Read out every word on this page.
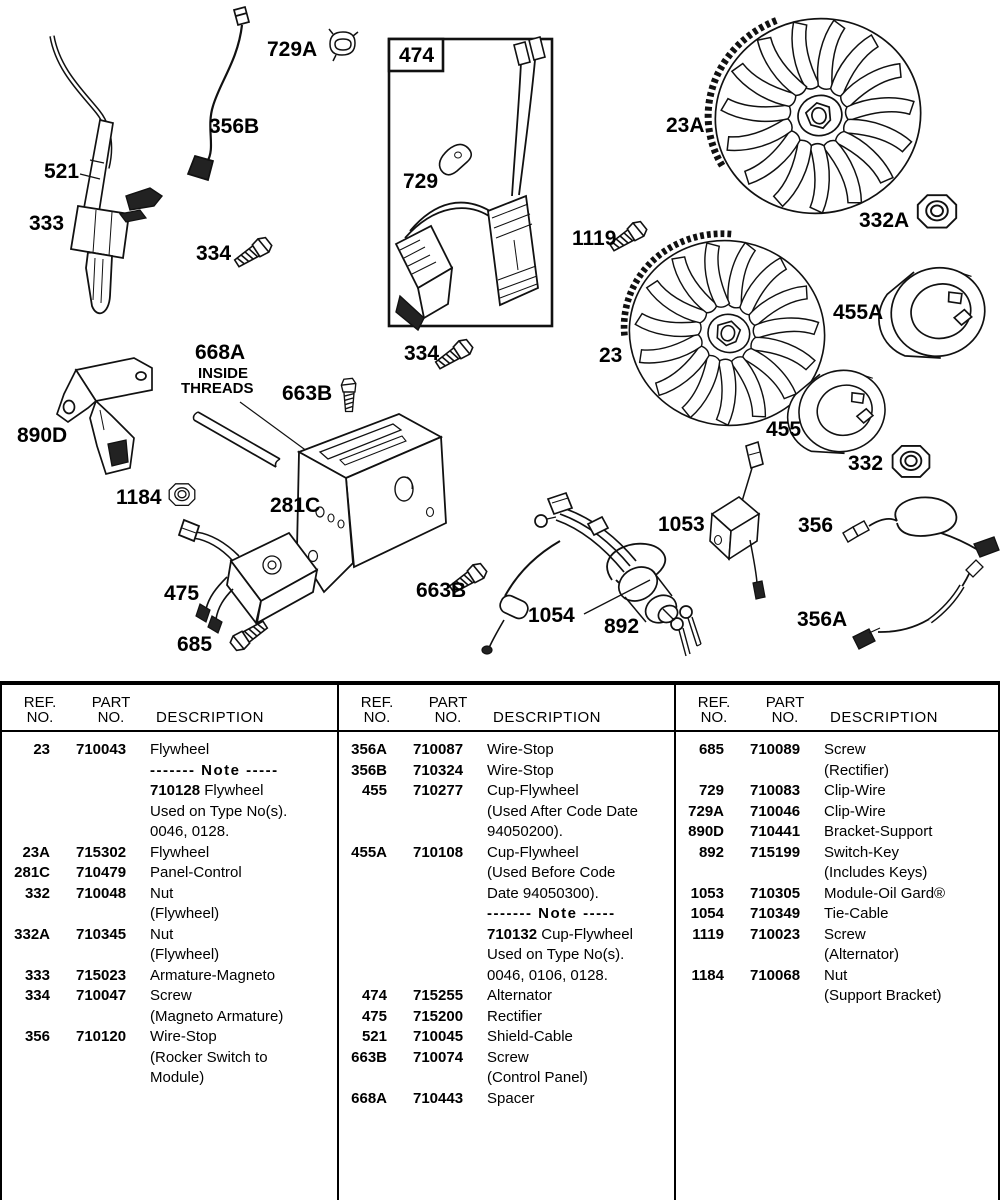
729A
356B
521
333
334
474
729
1119
23A
332A
23
455A
334
663B
668A
INSIDE
THREADS
455
332
890D
1184	281C
1053	356
475	663B
1054 892	356A
685
REF.
NO.
PART
NO.	DESCRIPTION
23 710043	Flywheel
------- Note -----
710128 Flywheel
Used on Type No(s).
0046, 0128.
23A 715302	Flywheel
281C 710479	Panel-Control
332 710048	Nut
(Flywheel)
332A 710345	Nut
(Flywheel)
333 715023	Armature-Magneto
334 710047	Screw
(Magneto Armature)
356 710120	Wire-Stop
(Rocker Switch to
Module)
REF.
NO.
PART
NO.	DESCRIPTION
356A 710087	Wire-Stop
356B 710324	Wire-Stop
455 710277	Cup-Flywheel
(Used After Code Date
94050200).
455A 710108	Cup-Flywheel
(Used Before Code
Date 94050300).
------- Note -----
710132 Cup-Flywheel
Used on Type No(s).
0046, 0106, 0128.
474 715255	Alternator
475 715200	Rectifier
521 710045	Shield-Cable
663B 710074	Screw
(Control Panel)
668A 710443	Spacer
REF.
NO.
PART
NO.	DESCRIPTION
685 710089	Screw
(Rectifier)
729 710083	Clip-Wire
729A 710046	Clip-Wire
890D 710441	Bracket-Support
892 715199	Switch-Key
(Includes Keys)
1053 710305	Module-Oil Gard®
1054 710349	Tie-Cable
1119 710023	Screw
(Alternator)
1184 710068	Nut
(Support Bracket)
